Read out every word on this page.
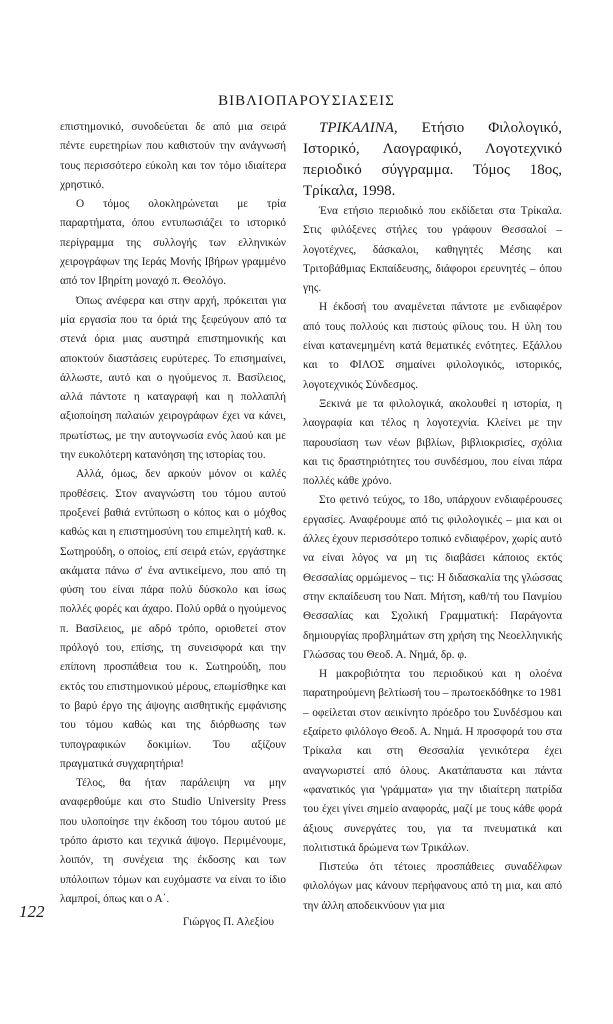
ΒΙΒΛΙΟΠΑΡΟΥΣΙΑΣΕΙΣ

επιστημονικό, συνοδεύεται δε από μια σειρά πέντε ευρετηρίων που καθιστούν την ανάγνωσή τους περισσότερο εύκολη και τον τόμο ιδιαίτερα χρηστικό.

Ο τόμος ολοκληρώνεται με τρία παραρτήματα, όπου εντυπωσιάζει το ιστορικό περίγραμμα της συλλογής των ελληνικών χειρογράφων της Ιεράς Μονής Ιβήρων γραμμένο από τον Ιβηρίτη μοναχό π. Θεολόγο.

Όπως ανέφερα και στην αρχή, πρόκειται για μία εργασία που τα όριά της ξεφεύγουν από τα στενά όρια μιας αυστηρά επιστημονικής και αποκτούν διαστάσεις ευρύτερες. Το επισημαίνει, άλλωστε, αυτό και ο ηγούμενος π. Βασίλειος, αλλά πάντοτε η καταγραφή και η πολλαπλή αξιοποίηση παλαιών χειρογράφων έχει να κάνει, πρωτίστως, με την αυτογνωσία ενός λαού και με την ευκολότερη κατανόηση της ιστορίας του.

Αλλά, όμως, δεν αρκούν μόνον οι καλές προθέσεις. Στον αναγνώστη του τόμου αυτού προξενεί βαθιά εντύπωση ο κόπος και ο μόχθος καθώς και η επιστημοσύνη του επιμελητή καθ. κ. Σωτηρούδη, ο οποίος, επί σειρά ετών, εργάστηκε ακάματα πάνω σ' ένα αντικείμενο, που από τη φύση του είναι πάρα πολύ δύσκολο και ίσως πολλές φορές και άχαρο. Πολύ ορθά ο ηγούμενος π. Βασίλειος, με αδρό τρόπο, οριοθετεί στον πρόλογό του, επίσης, τη συνεισφορά και την επίπονη προσπάθεια του κ. Σωτηρούδη, που εκτός του επιστημονικού μέρους, επωμίσθηκε και το βαρύ έργο της άψογης αισθητικής εμφάνισης του τόμου καθώς και της διόρθωσης των τυπογραφικών δοκιμίων. Του αξίζουν πραγματικά συγχαρητήρια!

Τέλος, θα ήταν παράλειψη να μην αναφερθούμε και στο Studio University Press που υλοποίησε την έκδοση του τόμου αυτού με τρόπο άριστο και τεχνικά άψογο. Περιμένουμε, λοιπόν, τη συνέχεια της έκδοσης και των υπόλοιπων τόμων και ευχόμαστε να είναι το ίδιο λαμπροί, όπως και ο Α΄.

Γιώργος Π. Αλεξίου

ΤΡΙΚΑΛΙΝΑ, Ετήσιο Φιλολογικό, Ιστορικό, Λαογραφικό, Λογοτεχνικό περιοδικό σύγγραμμα. Τόμος 18ος, Τρίκαλα, 1998.

Ένα ετήσιο περιοδικό που εκδίδεται στα Τρίκαλα. Στις φιλόξενες στήλες του γράφουν Θεσσαλοί – λογοτέχνες, δάσκαλοι, καθηγητές Μέσης και Τριτοβάθμιας Εκπαίδευσης, διάφοροι ερευνητές – όπου γης.

Η έκδοσή του αναμένεται πάντοτε με ενδιαφέρον από τους πολλούς και πιστούς φίλους του. Η ύλη του είναι κατανεμημένη κατά θεματικές ενότητες. Εξάλλου και το ΦΙΛΟΣ σημαίνει φιλολογικός, ιστορικός, λογοτεχνικός Σύνδεσμος.

Ξεκινά με τα φιλολογικά, ακολουθεί η ιστορία, η λαογραφία και τέλος η λογοτεχνία. Κλείνει με την παρουσίαση των νέων βιβλίων, βιβλιοκρισίες, σχόλια και τις δραστηριότητες του συνδέσμου, που είναι πάρα πολλές κάθε χρόνο.

Στο φετινό τεύχος, το 18ο, υπάρχουν ενδιαφέρουσες εργασίες. Αναφέρουμε από τις φιλολογικές – μια και οι άλλες έχουν περισσότερο τοπικό ενδιαφέρον, χωρίς αυτό να είναι λόγος να μη τις διαβάσει κάποιος εκτός Θεσσαλίας ορμώμενος – τις: Η διδασκαλία της γλώσσας στην εκπαίδευση του Ναπ. Μήτση, καθ/τή του Πανμίου Θεσσαλίας και Σχολική Γραμματική: Παράγοντα δημιουργίας προβλημάτων στη χρήση της Νεοελληνικής Γλώσσας του Θεοδ. Α. Νημά, δρ. φ.

Η μακροβιότητα του περιοδικού και η ολοένα παρατηρούμενη βελτίωσή του – πρωτοεκδόθηκε το 1981 – οφείλεται στον αεικίνητο πρόεδρο του Συνδέσμου και εξαίρετο φιλόλογο Θεοδ. Α. Νημά. Η προσφορά του στα Τρίκαλα και στη Θεσσαλία γενικότερα έχει αναγνωριστεί από όλους. Ακατάπαυστα και πάντα «φανατικός για 'γράμματα» για την ιδιαίτερη πατρίδα του έχει γίνει σημείο αναφοράς, μαζί με τους κάθε φορά άξιους συνεργάτες του, για τα πνευματικά και πολιτιστικά δρώμενα των Τρικάλων.

Πιστεύω ότι τέτοιες προσπάθειες συναδέλφων φιλολόγων μας κάνουν περήφανους από τη μια, και από την άλλη αποδεικνύουν για μια

122
